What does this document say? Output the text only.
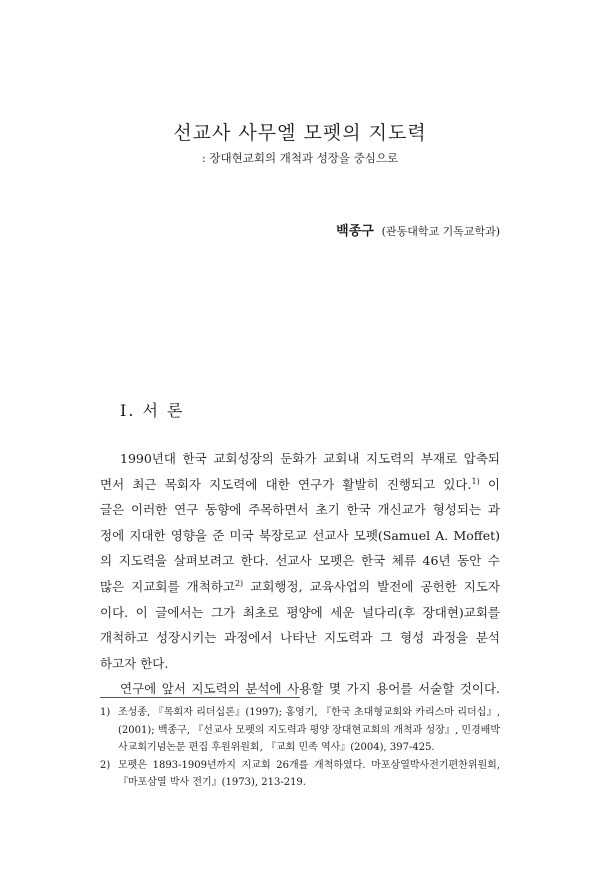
선교사 사무엘 모펫의 지도력
: 장대현교회의 개척과 성장을 중심으로
백종구 (관동대학교 기독교학과)
I. 서 론
1990년대 한국 교회성장의 둔화가 교회내 지도력의 부재로 압축되
면서 최근 목회자 지도력에 대한 연구가 활발히 진행되고 있다.$^{1)}$ 이
글은 이러한 연구 동향에 주목하면서 초기 한국 개신교가 형성되는 과
정에 지대한 영향을 준 미국 북장로교 선교사 모펫(Samuel A. Moffet)
의 지도력을 살펴보려고 한다. 선교사 모펫은 한국 체류 46년 동안 수
많은 지교회를 개척하고$^{2)}$ 교회행정, 교육사업의 발전에 공헌한 지도자
이다. 이 글에서는 그가 최초로 평양에 세운 널다리(후 장대현)교회를
개척하고 성장시키는 과정에서 나타난 지도력과 그 형성 과정을 분석
하고자 한다.
연구에 앞서 지도력의 분석에 사용할 몇 가지 용어를 서술할 것이다.
1) 조성종, 『목회자 리더십론』(1997); 홍영기, 『한국 초대형교회와 카리스마 리더십』,
(2001); 백종구, 『선교사 모펫의 지도력과 평양 장대현교회의 개척과 성장』, 민경배박
사교회기념논문 편집 후원위원회, 『교회 민족 역사』(2004), 397-425.
2) 모펫은 1893-1909년까지 지교회 26개를 개척하였다. 마포삼열박사전기편찬위원회,
『마포삼열 박사 전기』(1973), 213-219.
